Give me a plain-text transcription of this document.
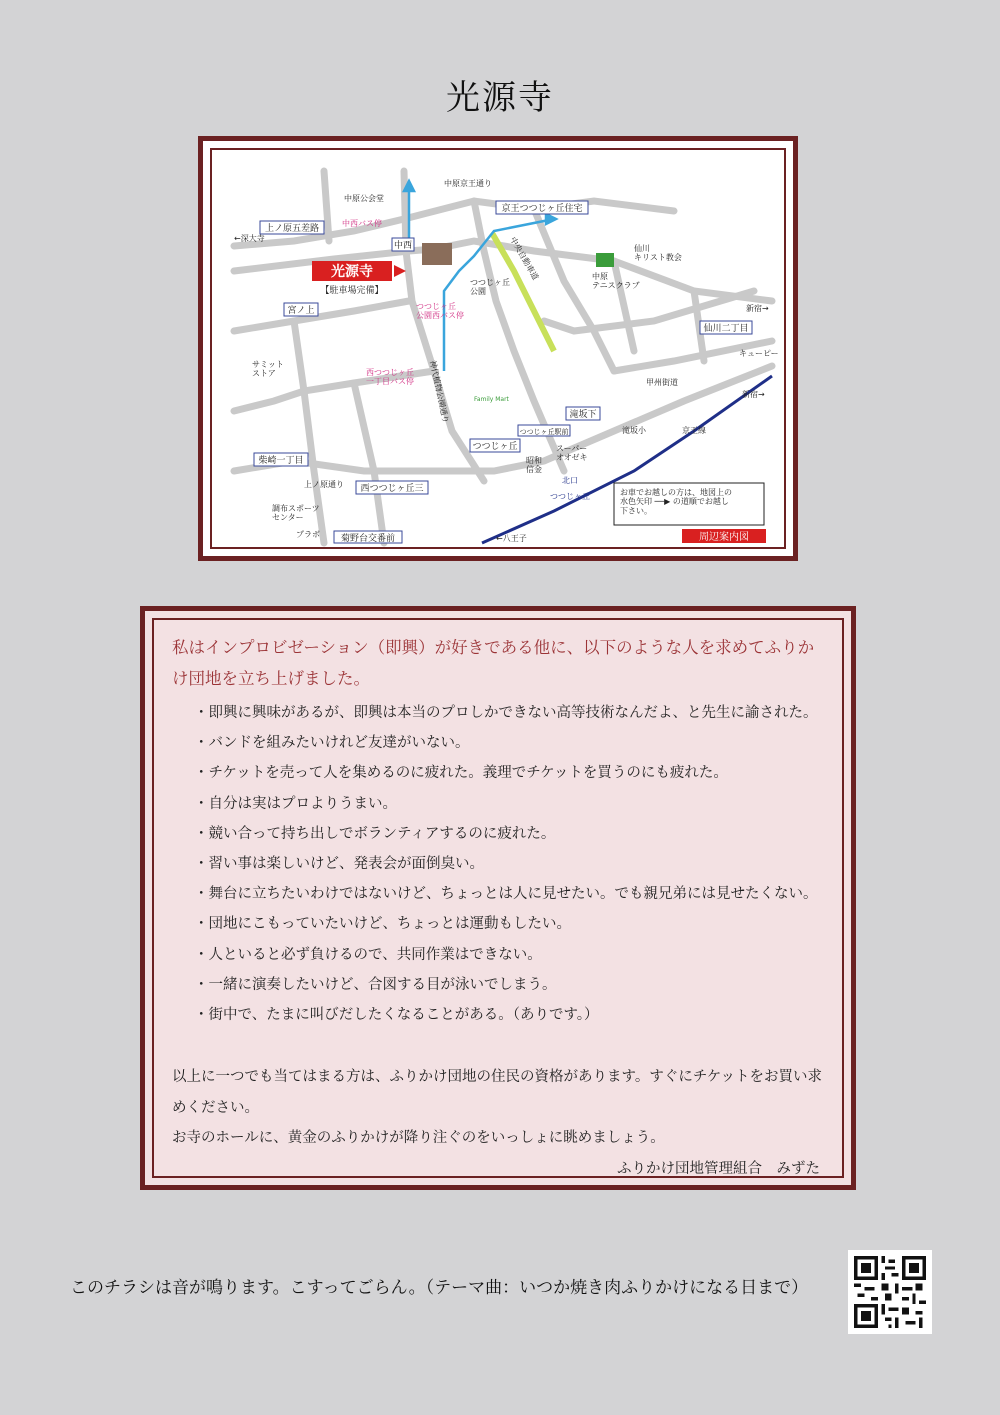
光源寺
光源寺
【駐車場完備】
上ノ原五差路
中西
京王つつじヶ丘住宅
宮ノ上
仙川二丁目
滝坂下
つつじヶ丘
つつじヶ丘駅前
柴崎一丁目
西つつじヶ丘三
菊野台交番前
中原公会堂
中原京王通り
中西バス停
←深大寺
仙川キリスト教会
中原テニスクラブ
つつじヶ丘公園
つつじヶ丘公園西バス停
サミットストア	西つつじヶ丘一丁目バス停
Family Mart
新宿→
キューピー
甲州街道
新宿→
滝坂小	京王線
スーパーオオゼキ
昭和信金
上ノ原通り
調布スポーツセンター
プラボ	←八王子
北口
つつじヶ丘
神代植物公園通り
中央自動車道
お車でお越しの方は、地図上の水色矢印 ──▶ の道順でお越し下さい。
周辺案内図

私はインプロビゼーション（即興）が好きである他に、以下のような人を求めてふりかけ団地を立ち上げました。

・即興に興味があるが、即興は本当のプロしかできない高等技術なんだよ、と先生に諭された。
・バンドを組みたいけれど友達がいない。
・チケットを売って人を集めるのに疲れた。義理でチケットを買うのにも疲れた。
・自分は実はプロよりうまい。
・競い合って持ち出しでボランティアするのに疲れた。
・習い事は楽しいけど、発表会が面倒臭い。
・舞台に立ちたいわけではないけど、ちょっとは人に見せたい。でも親兄弟には見せたくない。
・団地にこもっていたいけど、ちょっとは運動もしたい。
・人といると必ず負けるので、共同作業はできない。
・一緒に演奏したいけど、合図する目が泳いでしまう。
・街中で、たまに叫びだしたくなることがある。（ありです。）

以上に一つでも当てはまる方は、ふりかけ団地の住民の資格があります。すぐにチケットをお買い求めください。

お寺のホールに、黄金のふりかけが降り注ぐのをいっしょに眺めましょう。

ふりかけ団地管理組合　みずた
このチラシは音が鳴ります。こすってごらん。（テーマ曲：いつか焼き肉ふりかけになる日まで）
